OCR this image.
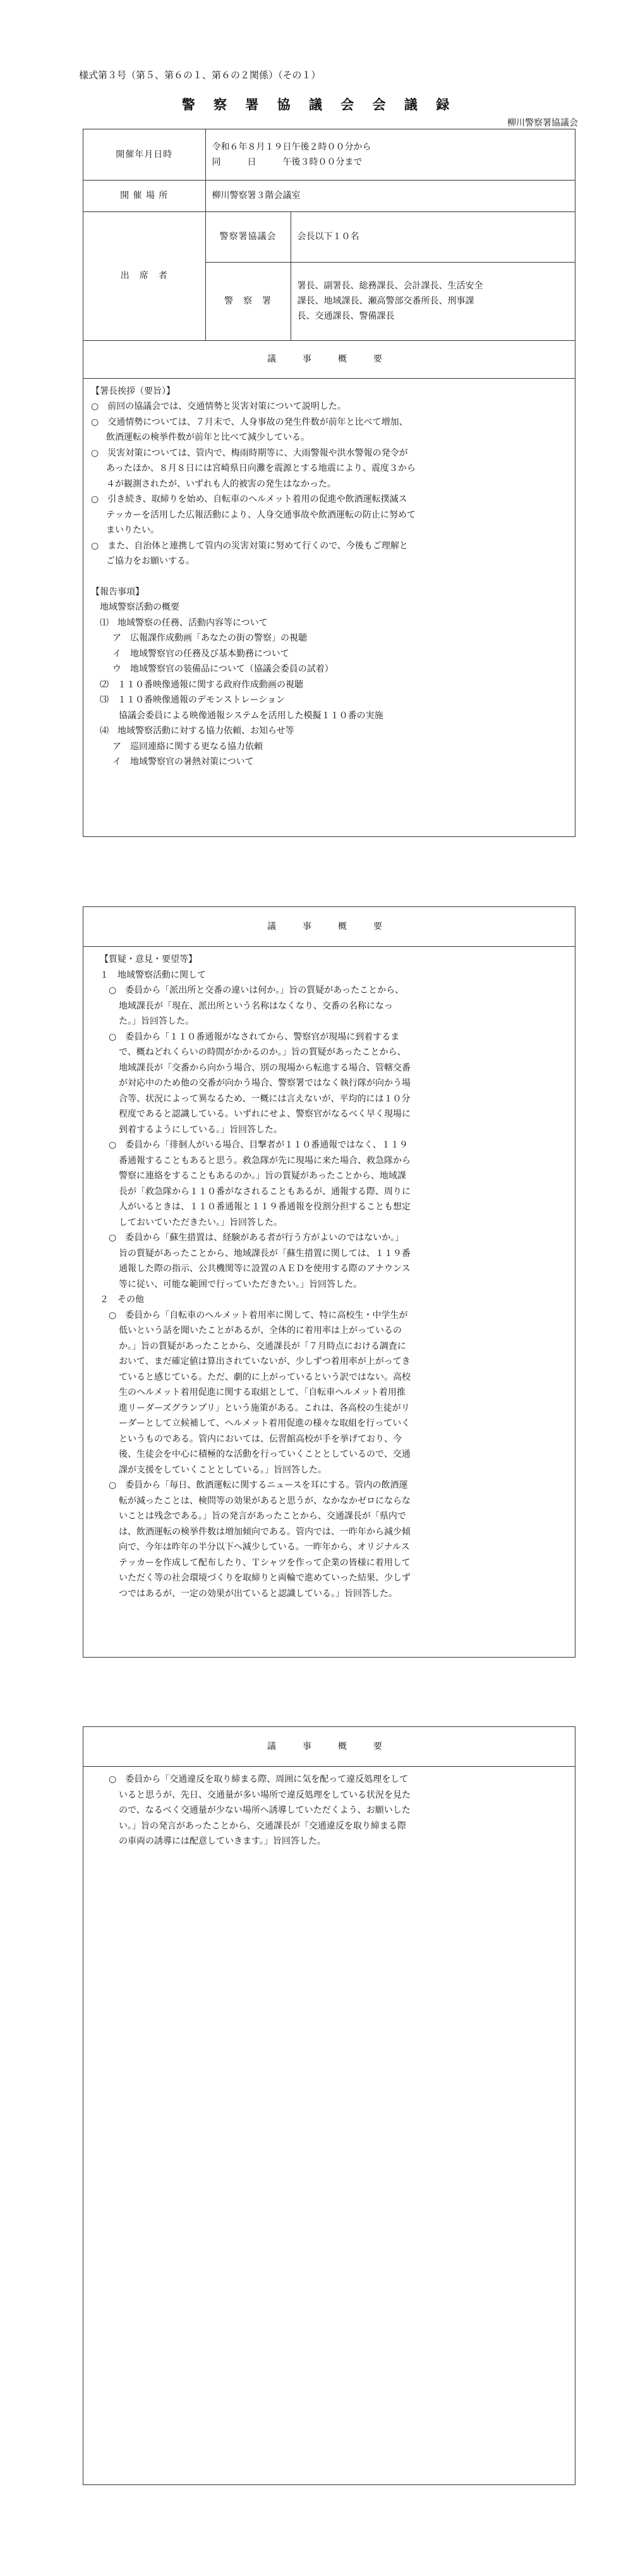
様式第３号（第５、第６の１、第６の２関係）（その１）
警 察 署 協 議 会 会 議 録
柳川警察署協議会
開催年月日時	令和６年８月１９日午後２時００分から
同　　　日　　　午後３時００分まで	

開 催 場 所	柳川警察署３階会議室	
出　席　者	警察署協議会	会長以下１０名
	警　察　署	署長、副署長、総務課長、会計課長、生活安全
課長、地域課長、瀬高警部交番所長、刑事課
長、交通課長、警備課長

議　事　概　要		
【署長挨拶（要旨）】
○　前回の協議会では、交通情勢と災害対策について説明した。
○　交通情勢については、７月末で、人身事故の発生件数が前年と比べて増加、
飲酒運転の検挙件数が前年と比べて減少している。
○　災害対策については、管内で、梅雨時期等に、大雨警報や洪水警報の発令が
あったほか、８月８日には宮崎県日向灘を震源とする地震により、震度３から
４が観測されたが、いずれも人的被害の発生はなかった。
○　引き続き、取締りを始め、自転車のヘルメット着用の促進や飲酒運転撲滅ス
テッカーを活用した広報活動により、人身交通事故や飲酒運転の防止に努めて
まいりたい。
○　また、自治体と連携して管内の災害対策に努めて行くので、今後もご理解と
ご協力をお願いする。
【報告事項】
地域警察活動の概要
⑴　地域警察の任務、活動内容等について
ア　広報課作成動画「あなたの街の警察」の視聴
イ　地域警察官の任務及び基本勤務について
ウ　地域警察官の装備品について（協議会委員の試着）
⑵　１１０番映像通報に関する政府作成動画の視聴
⑶　１１０番映像通報のデモンストレーション
協議会委員による映像通報システムを活用した模擬１１０番の実施
⑷　地域警察活動に対する協力依頼、お知らせ等
ア　巡回連絡に関する更なる協力依頼
イ　地域警察官の暑熱対策について
議　事　概　要
【質疑・意見・要望等】
１　地域警察活動に関して
　○　委員から「派出所と交番の違いは何か。」旨の質疑があったことから、
地域課長が「現在、派出所という名称はなくなり、交番の名称になっ
た。」旨回答した。
　○　委員から「１１０番通報がなされてから、警察官が現場に到着するま
で、概ねどれくらいの時間がかかるのか。」旨の質疑があったことから、
地域課長が「交番から向かう場合、別の現場から転進する場合、管轄交番
が対応中のため他の交番が向かう場合、警察署ではなく執行隊が向かう場
合等、状況によって異なるため、一概には言えないが、平均的には１０分
程度であると認識している。いずれにせよ、警察官がなるべく早く現場に
到着するようにしている。」旨回答した。
　○　委員から「徘徊人がいる場合、目撃者が１１０番通報ではなく、１１９
番通報することもあると思う。救急隊が先に現場に来た場合、救急隊から
警察に連絡をすることもあるのか。」旨の質疑があったことから、地域課
長が「救急隊から１１０番がなされることもあるが、通報する際、周りに
人がいるときは、１１０番通報と１１９番通報を役割分担することも想定
しておいていただきたい。」旨回答した。
　○　委員から「蘇生措置は、経験がある者が行う方がよいのではないか。」
旨の質疑があったことから、地域課長が「蘇生措置に関しては、１１９番
通報した際の指示、公共機関等に設置のＡＥＤを使用する際のアナウンス
等に従い、可能な範囲で行っていただきたい。」旨回答した。
２　その他
　○　委員から「自転車のヘルメット着用率に関して、特に高校生・中学生が
低いという話を聞いたことがあるが、全体的に着用率は上がっているの
か。」旨の質疑があったことから、交通課長が「７月時点における調査に
おいて、まだ確定値は算出されていないが、少しずつ着用率が上がってき
ていると感じている。ただ、劇的に上がっているという訳ではない。高校
生のヘルメット着用促進に関する取組として、「自転車ヘルメット着用推
進リーダーズグランプリ」という施策がある。これは、各高校の生徒がリ
ーダーとして立候補して、ヘルメット着用促進の様々な取組を行っていく
というものである。管内においては、伝習館高校が手を挙げており、今
後、生徒会を中心に積極的な活動を行っていくこととしているので、交通
課が支援をしていくこととしている。」旨回答した。
　○　委員から「毎日、飲酒運転に関するニュースを耳にする。管内の飲酒運
転が減ったことは、検問等の効果があると思うが、なかなかゼロにならな
いことは残念である。」旨の発言があったことから、交通課長が「県内で
は、飲酒運転の検挙件数は増加傾向である。管内では、一昨年から減少傾
向で、今年は昨年の半分以下へ減少している。一昨年から、オリジナルス
テッカーを作成して配布したり、Ｔシャツを作って企業の皆様に着用して
いただく等の社会環境づくりを取締りと両輪で進めていった結果、少しず
つではあるが、一定の効果が出ていると認識している。」旨回答した。
議　事　概　要
　○　委員から「交通違反を取り締まる際、周囲に気を配って違反処理をして
いると思うが、先日、交通量が多い場所で違反処理をしている状況を見た
ので、なるべく交通量が少ない場所へ誘導していただくよう、お願いした
い。」旨の発言があったことから、交通課長が「交通違反を取り締まる際
の車両の誘導には配意していきます。」旨回答した。
